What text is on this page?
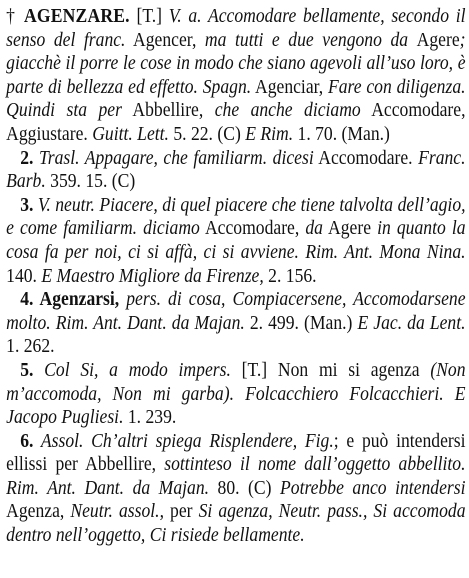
† AGENZARE. [T.] V. a. Accomodare bellamente, secondo il senso del franc. Agencer, ma tutti e due vengono da Agere; giacchè il porre le cose in modo che siano agevoli all’uso loro, è parte di bellezza ed effetto. Spagn. Agenciar, Fare con diligenza. Quindi sta per Abbellire, che anche diciamo Accomodare, Aggiustare. Guitt. Lett. 5. 22. (C) E Rim. 1. 70. (Man.)

2. Trasl. Appagare, che familiarm. dicesi Accomodare. Franc. Barb. 359. 15. (C)

3. V. neutr. Piacere, di quel piacere che tiene talvolta dell’agio, e come familiarm. diciamo Accomodare, da Agere in quanto la cosa fa per noi, ci si affà, ci si avviene. Rim. Ant. Mona Nina. 140. E Maestro Migliore da Firenze, 2. 156.

4. Agenzarsi, pers. di cosa, Compiacersene, Accomodarsene molto. Rim. Ant. Dant. da Majan. 2. 499. (Man.) E Jac. da Lent. 1. 262.

5. Col Si, a modo impers. [T.] Non mi si agenza (Non m’accomoda, Non mi garba). Folcacchiero Folcacchieri. E Jacopo Pugliesi. 1. 239.

6. Assol. Ch’altri spiega Risplendere, Fig.; e può intendersi ellissi per Abbellire, sottinteso il nome dall’oggetto abbellito. Rim. Ant. Dant. da Majan. 80. (C) Potrebbe anco intendersi Agenza, Neutr. assol., per Si agenza, Neutr. pass., Si accomoda dentro nell’oggetto, Ci risiede bellamente.
